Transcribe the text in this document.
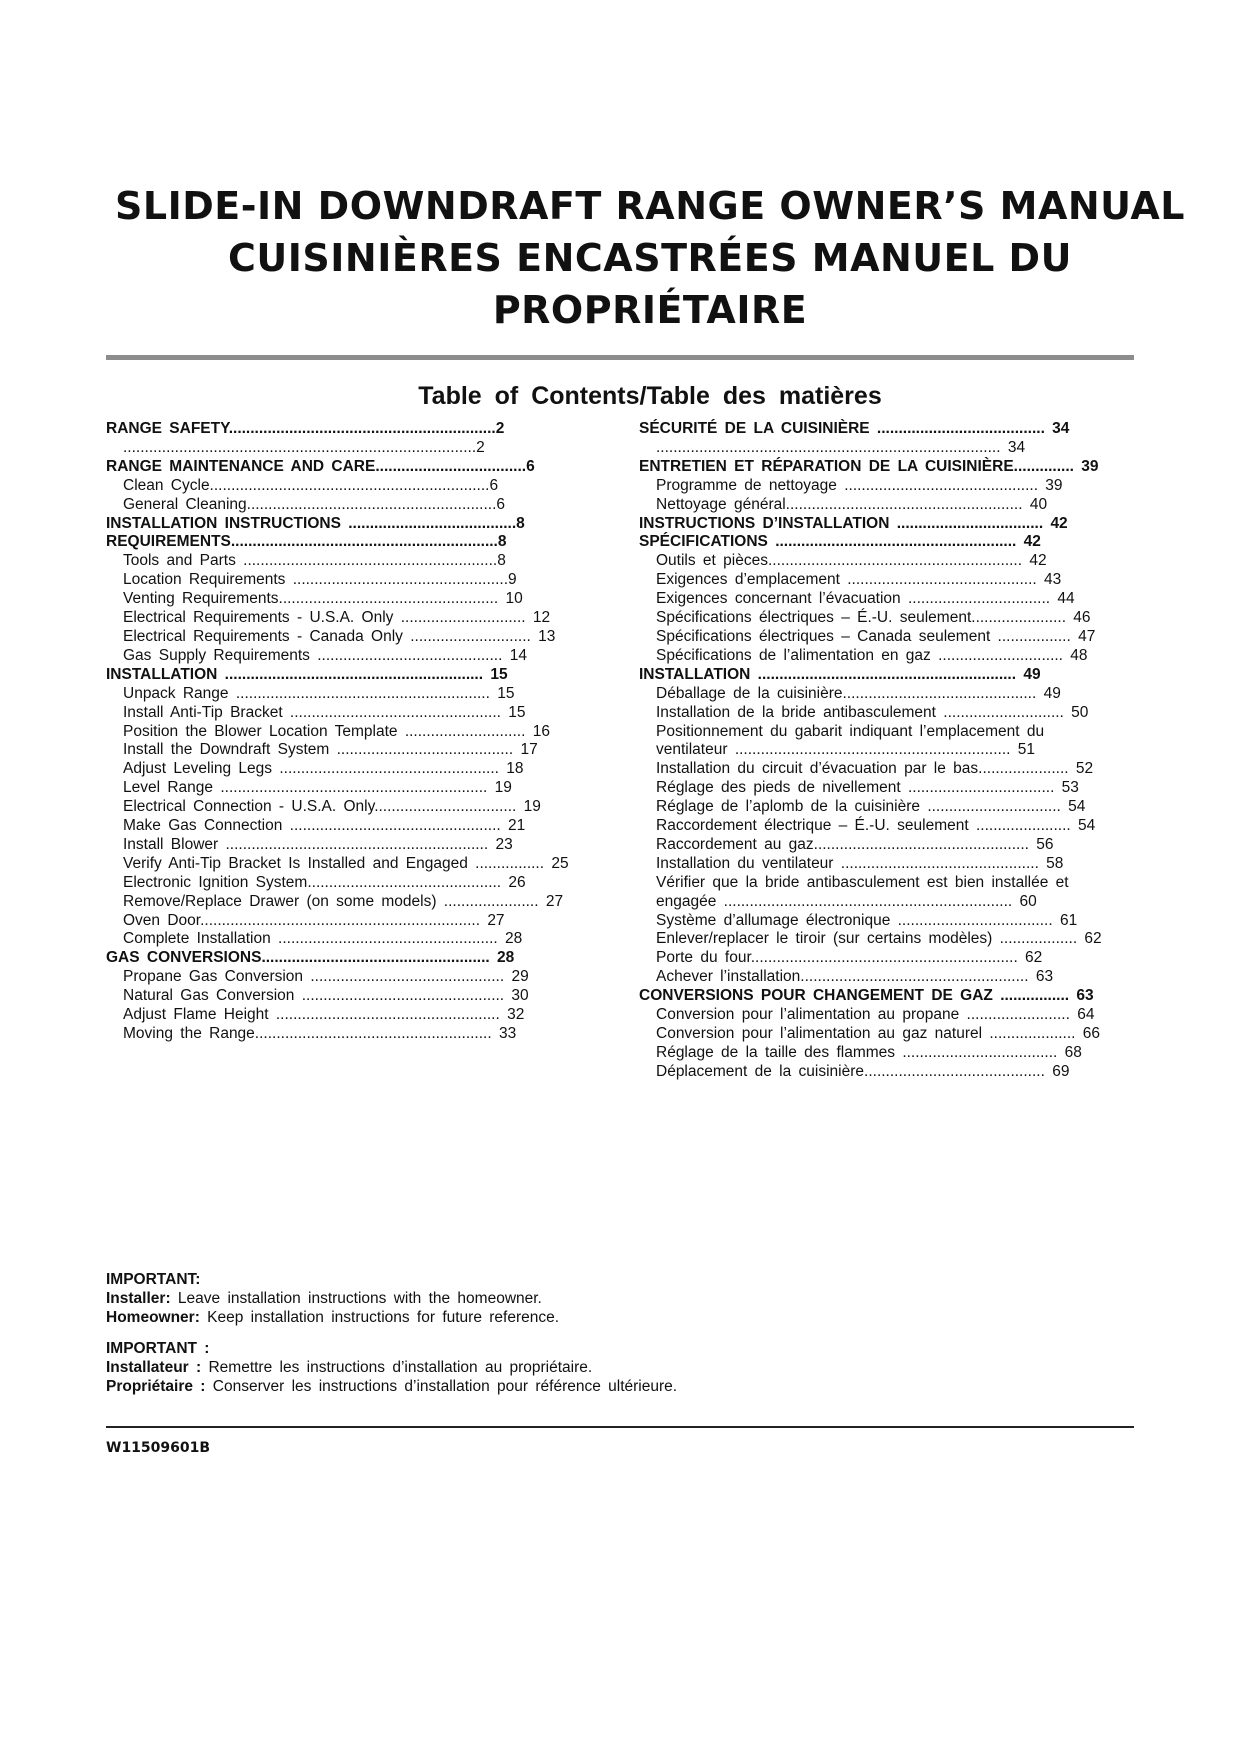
SLIDE-IN DOWNDRAFT RANGE OWNER’S MANUAL
CUISINIÈRES ENCASTRÉES MANUEL DU
PROPRIÉTAIRE
Table of Contents/Table des matières
RANGE SAFETY..............................................................2
..................................................................................2
RANGE MAINTENANCE AND CARE...................................6
Clean Cycle.................................................................6
General Cleaning..........................................................6
INSTALLATION INSTRUCTIONS .......................................8
REQUIREMENTS..............................................................8
Tools and Parts ...........................................................8
Location Requirements ..................................................9
Venting Requirements................................................... 10
Electrical Requirements - U.S.A. Only ............................. 12
Electrical Requirements - Canada Only ............................ 13
Gas Supply Requirements ........................................... 14
INSTALLATION ............................................................ 15
Unpack Range ........................................................... 15
Install Anti-Tip Bracket ................................................. 15
Position the Blower Location Template ............................ 16
Install the Downdraft System ......................................... 17
Adjust Leveling Legs ................................................... 18
Level Range .............................................................. 19
Electrical Connection - U.S.A. Only................................. 19
Make Gas Connection ................................................. 21
Install Blower ............................................................. 23
Verify Anti-Tip Bracket Is Installed and Engaged ................ 25
Electronic Ignition System............................................. 26
Remove/Replace Drawer (on some models) ...................... 27
Oven Door................................................................. 27
Complete Installation ................................................... 28
GAS CONVERSIONS..................................................... 28
Propane Gas Conversion ............................................. 29
Natural Gas Conversion ............................................... 30
Adjust Flame Height .................................................... 32
Moving the Range....................................................... 33
SÉCURITÉ DE LA CUISINIÈRE ....................................... 34
................................................................................ 34
ENTRETIEN ET RÉPARATION DE LA CUISINIÈRE.............. 39
Programme de nettoyage ............................................. 39
Nettoyage général....................................................... 40
INSTRUCTIONS D’INSTALLATION .................................. 42
SPÉCIFICATIONS ........................................................ 42
Outils et pièces........................................................... 42
Exigences d’emplacement ............................................ 43
Exigences concernant l’évacuation ................................. 44
Spécifications électriques – É.-U. seulement...................... 46
Spécifications électriques – Canada seulement ................. 47
Spécifications de l’alimentation en gaz ............................. 48
INSTALLATION ............................................................ 49
Déballage de la cuisinière............................................. 49
Installation de la bride antibasculement ............................ 50
Positionnement du gabarit indiquant l’emplacement du
ventilateur ................................................................ 51
Installation du circuit d’évacuation par le bas..................... 52
Réglage des pieds de nivellement .................................. 53
Réglage de l’aplomb de la cuisinière ............................... 54
Raccordement électrique – É.-U. seulement ...................... 54
Raccordement au gaz.................................................. 56
Installation du ventilateur .............................................. 58
Vérifier que la bride antibasculement est bien installée et
engagée ................................................................... 60
Système d’allumage électronique .................................... 61
Enlever/replacer le tiroir (sur certains modèles) .................. 62
Porte du four.............................................................. 62
Achever l’installation..................................................... 63
CONVERSIONS POUR CHANGEMENT DE GAZ ................ 63
Conversion pour l’alimentation au propane ........................ 64
Conversion pour l’alimentation au gaz naturel .................... 66
Réglage de la taille des flammes .................................... 68
Déplacement de la cuisinière.......................................... 69
IMPORTANT:
Installer: Leave installation instructions with the homeowner.
Homeowner: Keep installation instructions for future reference.
IMPORTANT :
Installateur : Remettre les instructions d’installation au propriétaire.
Propriétaire : Conserver les instructions d’installation pour référence ultérieure.
W11509601B
